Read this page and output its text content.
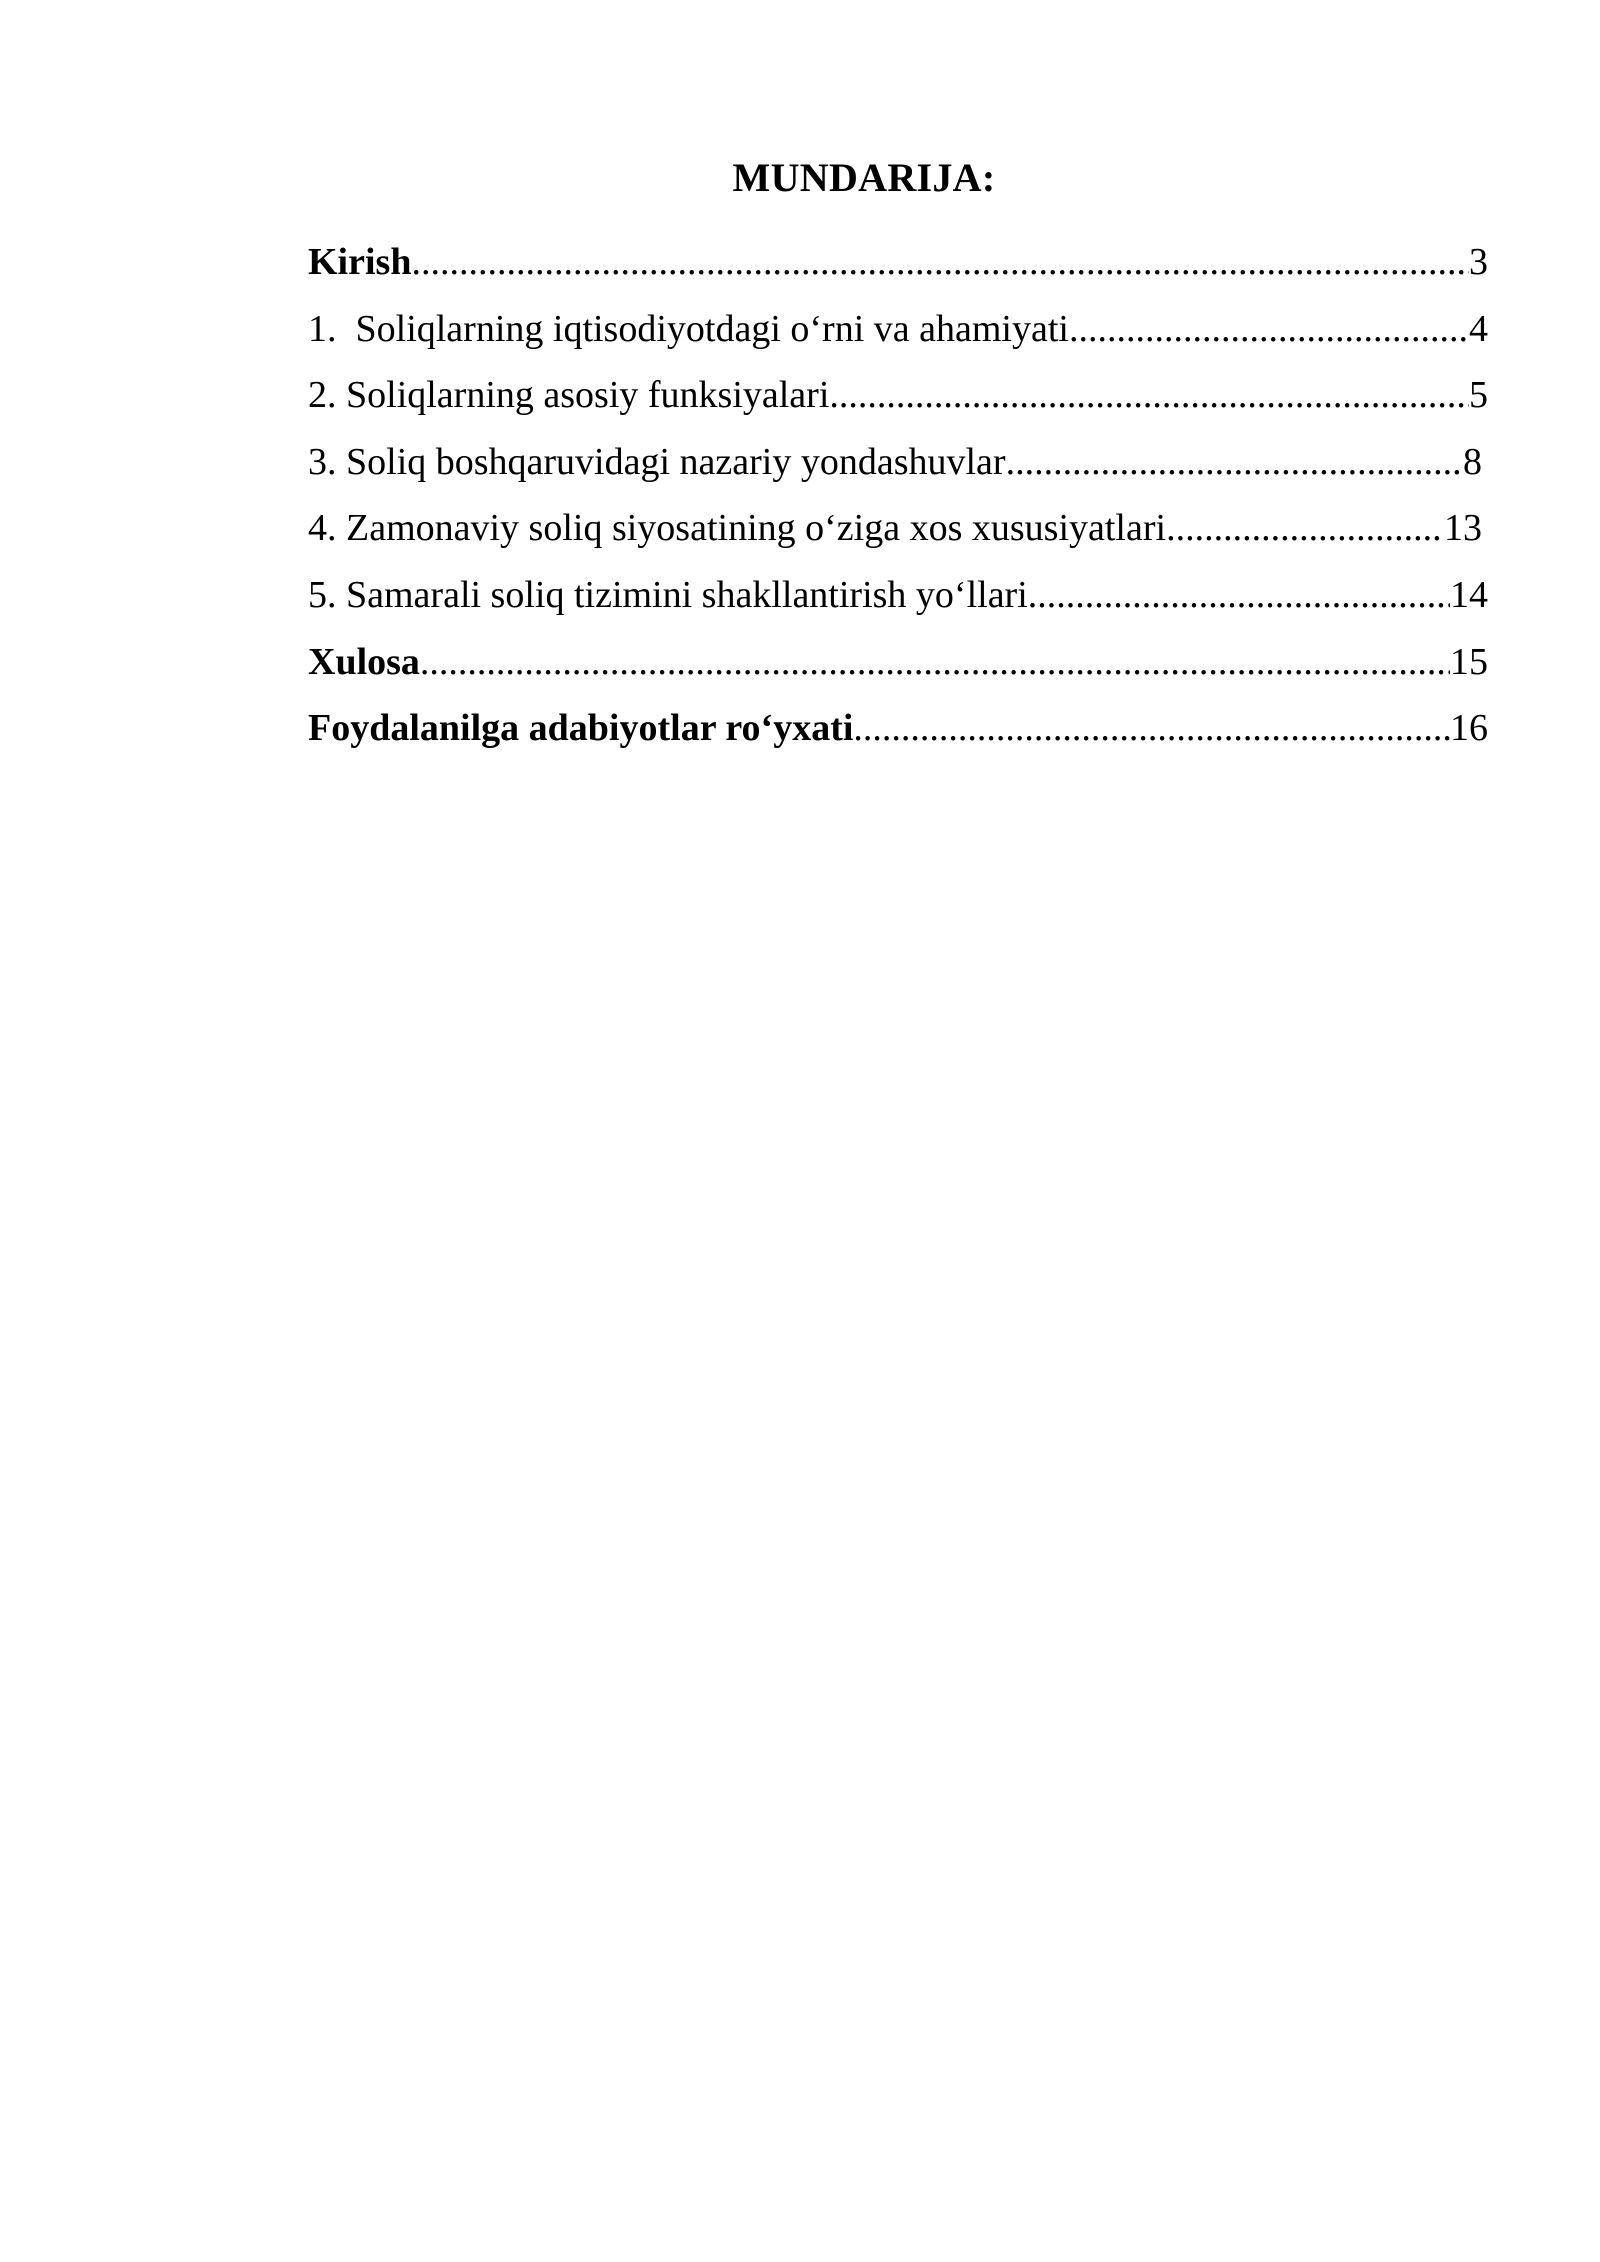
MUNDARIJA:
Kirish .....	3
1.  Soliqlarning iqtisodiyotdagi o‘rni va ahamiyati .....	4
2. Soliqlarning asosiy funksiyalari .....	5
3. Soliq boshqaruvidagi nazariy yondashuvlar .....	8
4. Zamonaviy soliq siyosatining o‘ziga xos xususiyatlari .....	13
5. Samarali soliq tizimini shakllantirish yo‘llari .....	14
Xulosa .....	15
Foydalanilga adabiyotlar ro‘yxati .....	16
